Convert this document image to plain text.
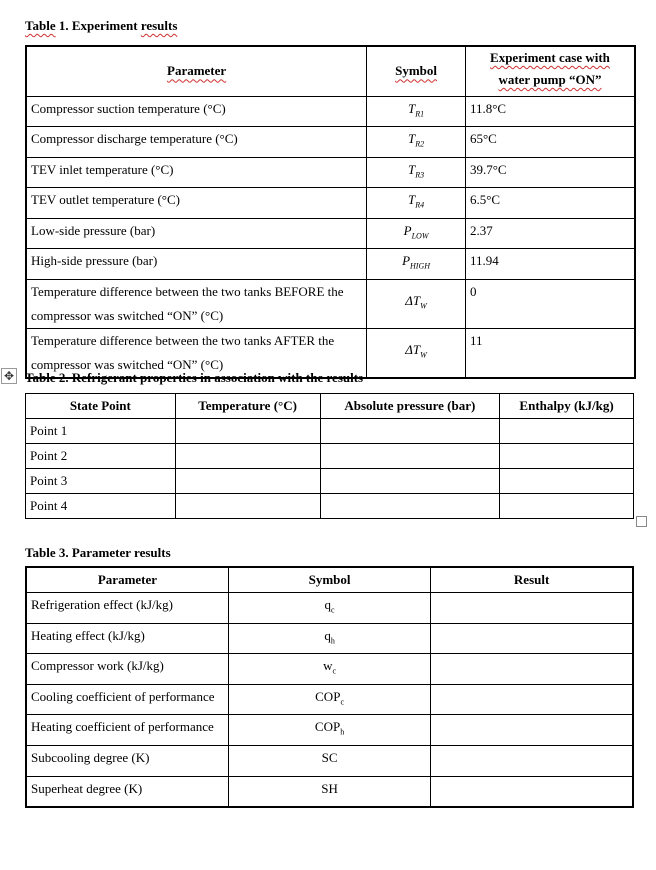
Table 1. Experiment results
Parameter	Symbol	Experiment case with
water pump “ON”
Compressor suction temperature (°C)	$T_{R1}$	11.8°C
Compressor discharge temperature (°C)	$T_{R2}$	65°C
TEV inlet temperature (°C)	$T_{R3}$	39.7°C
TEV outlet temperature (°C)	$T_{R4}$	6.5°C
Low-side pressure (bar)	$P_{LOW}$	2.37
High-side pressure (bar)	$P_{HIGH}$	11.94
Temperature difference between the two tanks BEFORE the compressor was switched “ON” (°C)	$\Delta T_W$	0
Temperature difference between the two tanks AFTER the compressor was switched “ON” (°C)	$\Delta T_W$	11
✥ Table 2. Refrigerant properties in association with the results
State Point	Temperature (°C)	Absolute pressure (bar)	Enthalpy (kJ/kg)
Point 1			
Point 2			
Point 3			
Point 4			
Table 3. Parameter results
Parameter	Symbol	Result
Refrigeration effect (kJ/kg)	$q_c$	
Heating effect (kJ/kg)	$q_h$	
Compressor work (kJ/kg)	$w_c$	
Cooling coefficient of performance	$COP_c$	
Heating coefficient of performance	$COP_h$	
Subcooling degree (K)	SC	
Superheat degree (K)	SH	
